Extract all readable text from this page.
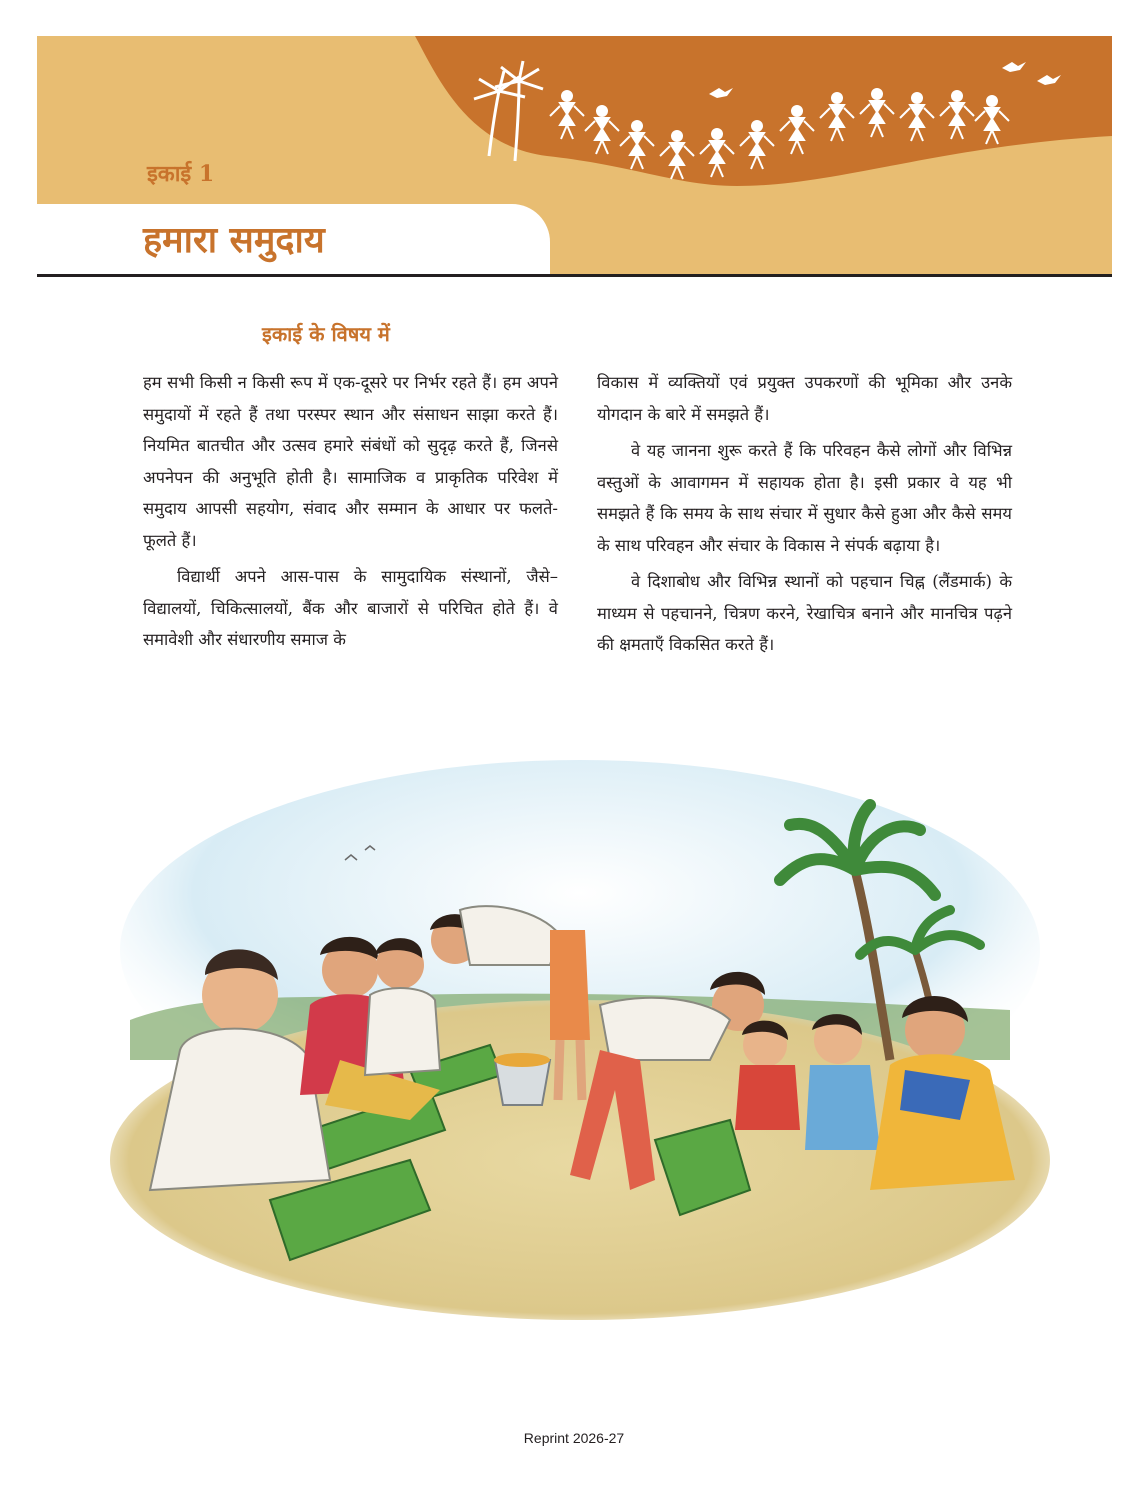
इकाई 1
हमारा समुदाय
इकाई के विषय में

हम सभी किसी न किसी रूप में एक-दूसरे पर निर्भर रहते हैं। हम अपने समुदायों में रहते हैं तथा परस्पर स्थान और संसाधन साझा करते हैं। नियमित बातचीत और उत्सव हमारे संबंधों को सुदृढ़ करते हैं, जिनसे अपनेपन की अनुभूति होती है। सामाजिक व प्राकृतिक परिवेश में समुदाय आपसी सहयोग, संवाद और सम्मान के आधार पर फलते-फूलते हैं।

विद्यार्थी अपने आस-पास के सामुदायिक संस्थानों, जैसे– विद्यालयों, चिकित्सालयों, बैंक और बाजारों से परिचित होते हैं। वे समावेशी और संधारणीय समाज के

विकास में व्यक्तियों एवं प्रयुक्त उपकरणों की भूमिका और उनके योगदान के बारे में समझते हैं।

वे यह जानना शुरू करते हैं कि परिवहन कैसे लोगों और विभिन्न वस्तुओं के आवागमन में सहायक होता है। इसी प्रकार वे यह भी समझते हैं कि समय के साथ संचार में सुधार कैसे हुआ और कैसे समय के साथ परिवहन और संचार के विकास ने संपर्क बढ़ाया है।

वे दिशाबोध और विभिन्न स्थानों को पहचान चिह्न (लैंडमार्क) के माध्यम से पहचानने, चित्रण करने, रेखाचित्र बनाने और मानचित्र पढ़ने की क्षमताएँ विकसित करते हैं।

Reprint 2026-27
